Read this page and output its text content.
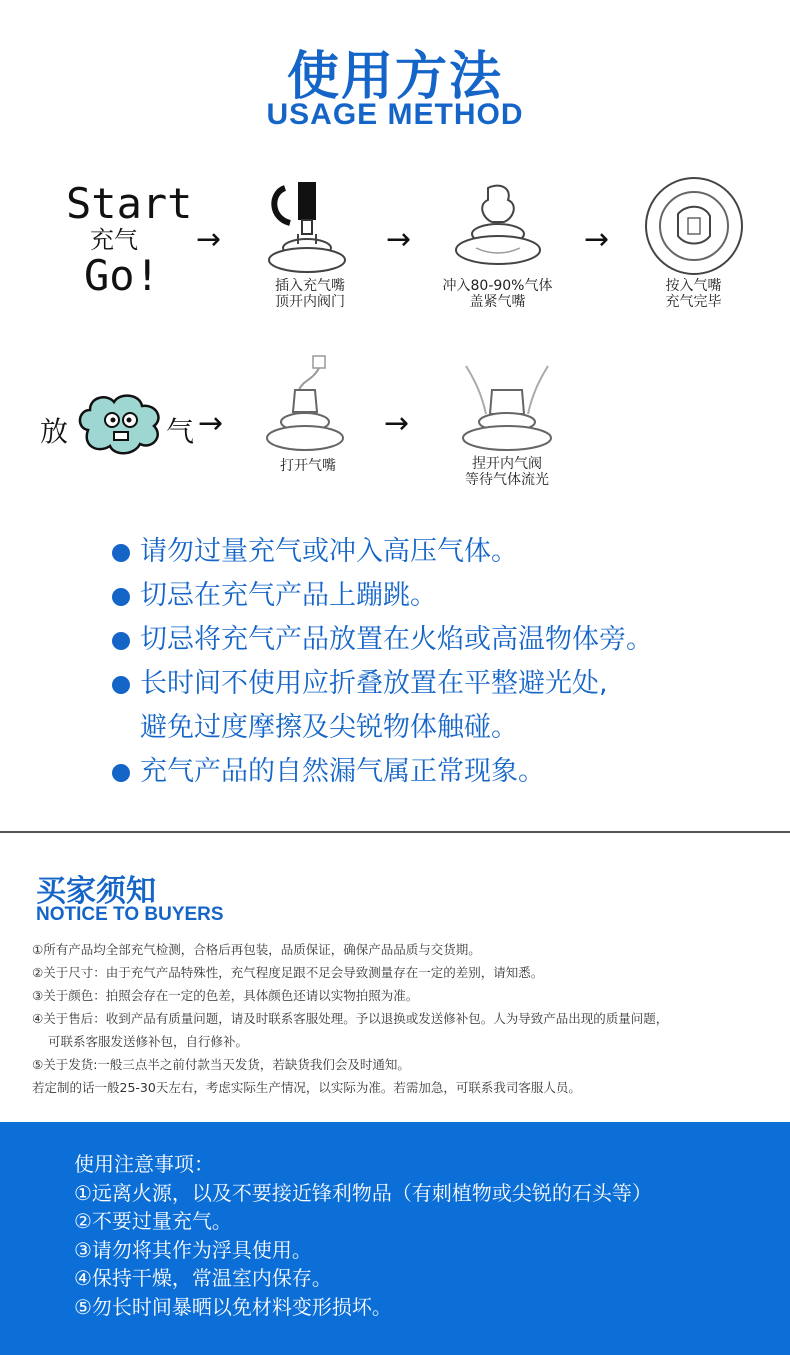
使用方法
USAGE METHOD
Start
充气
Go!
→
插入充气嘴
顶开内阀门
→
冲入80-90%气体
盖紧气嘴
→
按入气嘴
充气完毕
放	气 →
打开气嘴
→
捏开内气阀
等待气体流光
请勿过量充气或冲入高压气体。
切忌在充气产品上蹦跳。
切忌将充气产品放置在火焰或高温物体旁。
长时间不使用应折叠放置在平整避光处,
避免过度摩擦及尖锐物体触碰。
充气产品的自然漏气属正常现象。
买家须知
NOTICE TO BUYERS
①所有产品均全部充气检测，合格后再包装，品质保证，确保产品品质与交货期。
②关于尺寸：由于充气产品特殊性，充气程度足跟不足会导致测量存在一定的差别，请知悉。
③关于颜色：拍照会存在一定的色差，具体颜色还请以实物拍照为准。
④关于售后：收到产品有质量问题，请及时联系客服处理。予以退换或发送修补包。人为导致产品出现的质量问题，
可联系客服发送修补包，自行修补。
⑤关于发货:一般三点半之前付款当天发货，若缺货我们会及时通知。
若定制的话一般25-30天左右，考虑实际生产情况，以实际为准。若需加急，可联系我司客服人员。
使用注意事项：
①远离火源，以及不要接近锋利物品（有刺植物或尖锐的石头等）
②不要过量充气。
③请勿将其作为浮具使用。
④保持干燥，常温室内保存。
⑤勿长时间暴晒以免材料变形损坏。
